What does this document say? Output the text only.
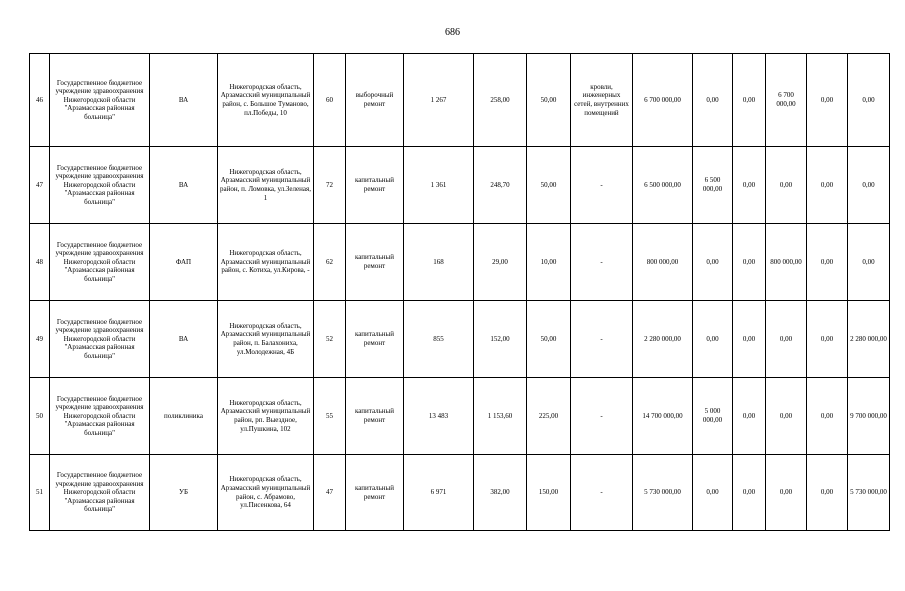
686
46	Государственное бюджетное учреждение здравоохранения Нижегородской области "Арзамасская районная больница"	ВА	Нижегородская область, Арзамасский муниципальный район, с. Большое Туманово, пл.Победы, 10	60	выборочный ремонт	1 267	258,00	50,00	кровли, инженерных сетей, внутренних помещений	6 700 000,00	0,00	0,00	6 700 000,00	0,00	0,00
47	Государственное бюджетное учреждение здравоохранения Нижегородской области "Арзамасская районная больница"	ВА	Нижегородская область, Арзамасский муниципальный район, п. Ломовка, ул.Зеленая, 1	72	капитальный ремонт	1 361	248,70	50,00	-	6 500 000,00	6 500 000,00	0,00	0,00	0,00	0,00
48	Государственное бюджетное учреждение здравоохранения Нижегородской области "Арзамасская районная больница"	ФАП	Нижегородская область, Арзамасский муниципальный район, с. Котиха, ул.Кирова, -	62	капитальный ремонт	168	29,00	10,00	-	800 000,00	0,00	0,00	800 000,00	0,00	0,00
49	Государственное бюджетное учреждение здравоохранения Нижегородской области "Арзамасская районная больница"	ВА	Нижегородская область, Арзамасский муниципальный район, п. Балахониха, ул.Молодежная, 4Б	52	капитальный ремонт	855	152,00	50,00	-	2 280 000,00	0,00	0,00	0,00	0,00	2 280 000,00
50	Государственное бюджетное учреждение здравоохранения Нижегородской области "Арзамасская районная больница"	поликлиника	Нижегородская область, Арзамасский муниципальный район, рп. Выездное, ул.Пушкина, 102	55	капитальный ремонт	13 483	1 153,60	225,00	-	14 700 000,00	5 000 000,00	0,00	0,00	0,00	9 700 000,00
51	Государственное бюджетное учреждение здравоохранения Нижегородской области "Арзамасская районная больница"	УБ	Нижегородская область, Арзамасский муниципальный район, с. Абрамово, ул.Писенкова, 64	47	капитальный ремонт	6 971	382,00	150,00	-	5 730 000,00	0,00	0,00	0,00	0,00	5 730 000,00
